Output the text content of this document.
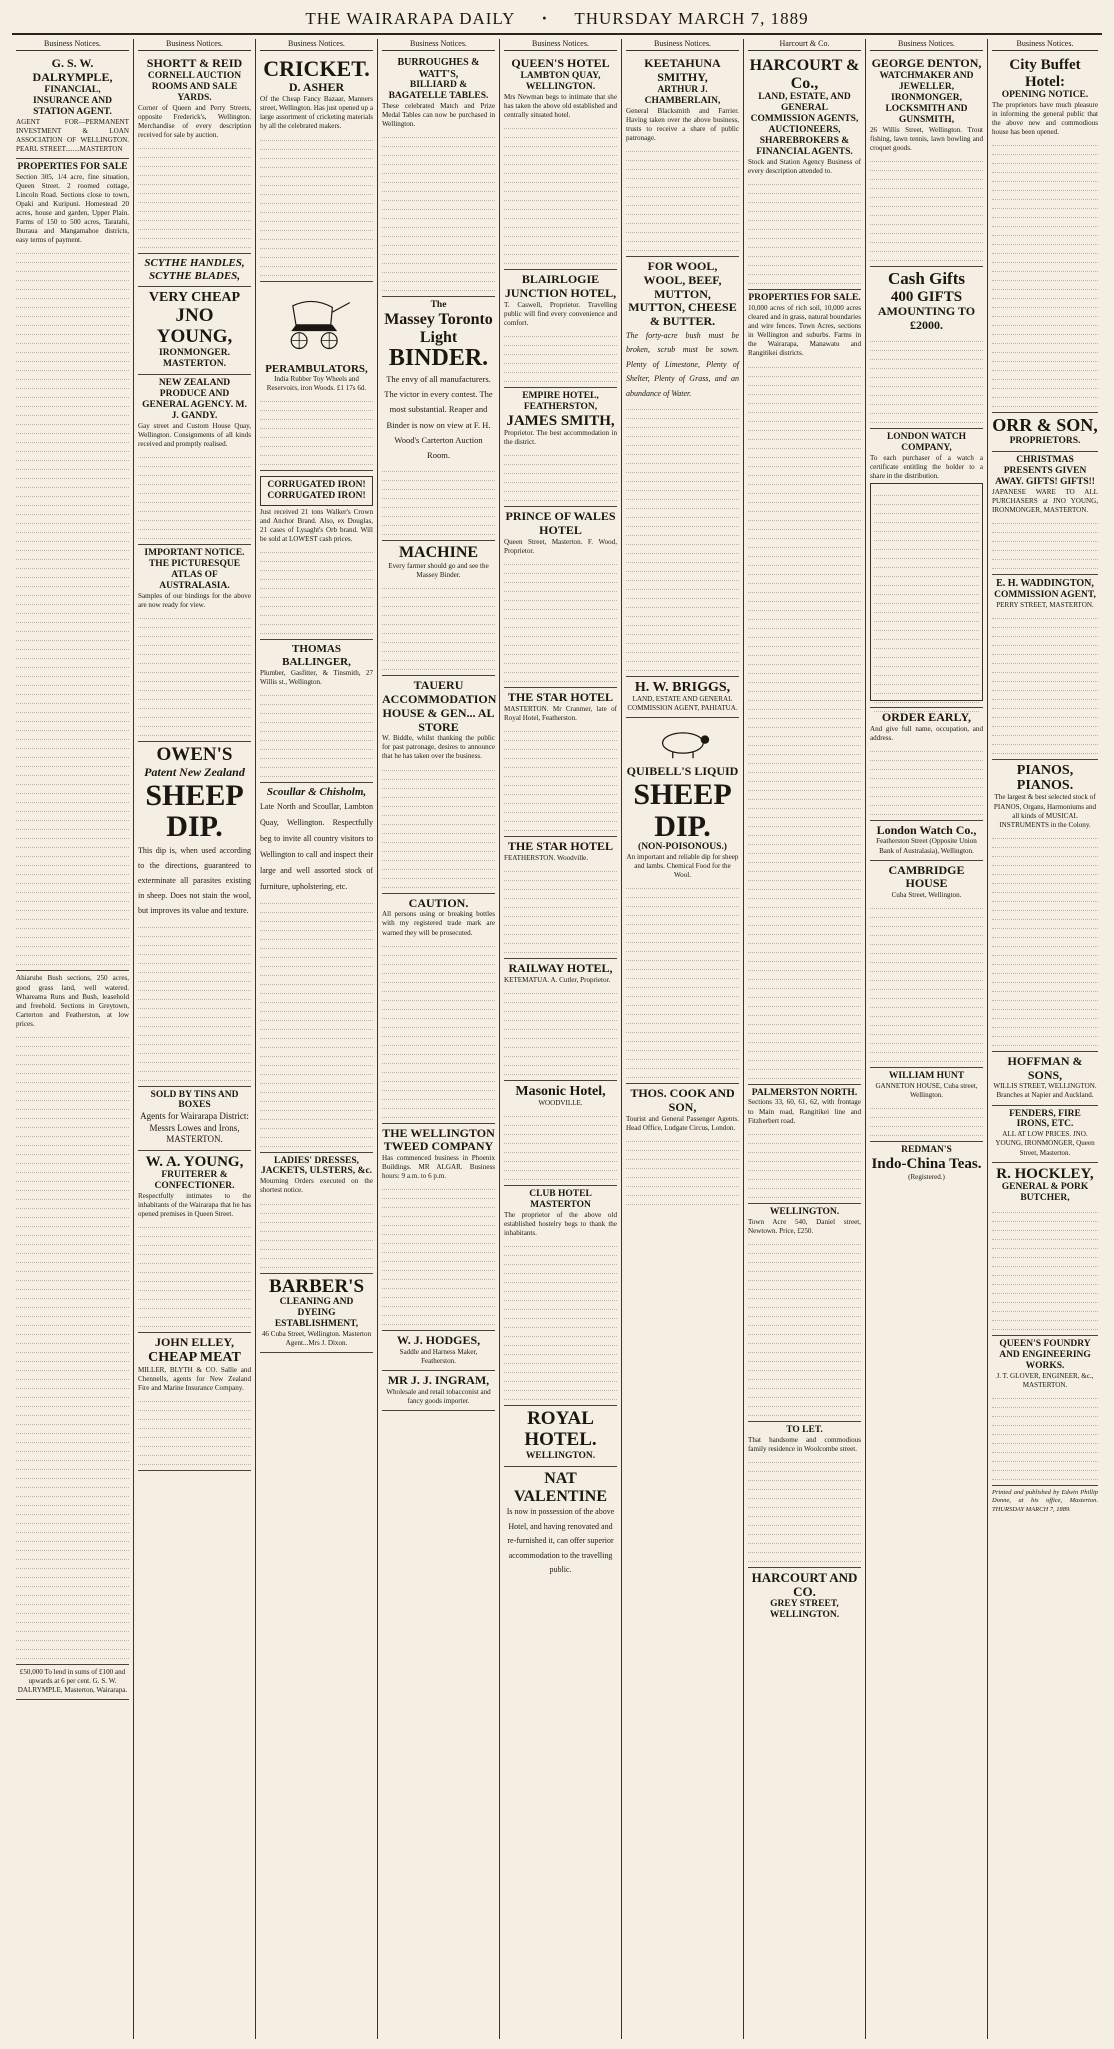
THE WAIRARAPA DAILY · THURSDAY MARCH 7, 1889
Business Notices.
G. S. W. DALRYMPLE,
FINANCIAL, INSURANCE AND STATION AGENT.
AGENT FOR—PERMANENT INVESTMENT & LOAN ASSOCIATION OF WELLINGTON. PEARL STREET........MASTERTON
PROPERTIES FOR SALE
Section 305, 1/4 acre, fine situation, Queen Street. 2 roomed cottage, Lincoln Road. Sections close to town, Opaki and Kuripuni. Homestead 20 acres, house and garden, Upper Plain. Farms of 150 to 500 acres, Taratahi, Ihuraua and Mangamahoe districts, easy terms of payment.
Ahiaruhe Bush sections, 250 acres, good grass land, well watered. Whareama Runs and Bush, leasehold and freehold. Sections in Greytown, Carterton and Featherston, at low prices.
£50,000 To lend in sums of £100 and upwards at 6 per cent. G. S. W. DALRYMPLE, Masterton, Wairarapa.
Business Notices.
SHORTT & REID
CORNELL AUCTION ROOMS AND SALE YARDS.
Corner of Queen and Perry Streets, opposite Frederick's, Wellington. Merchandise of every description received for sale by auction.
SCYTHE HANDLES, SCYTHE BLADES,
VERY CHEAP
JNO YOUNG,
IRONMONGER. MASTERTON.
NEW ZEALAND PRODUCE AND GENERAL AGENCY. M. J. GANDY.
Gay street and Custom House Quay, Wellington. Consignments of all kinds received and promptly realised.
IMPORTANT NOTICE. THE PICTURESQUE ATLAS OF AUSTRALASIA.
Samples of our bindings for the above are now ready for view.
OWEN'S
Patent New Zealand
SHEEP DIP.
This dip is, when used according to the directions, guaranteed to exterminate all parasites existing in sheep. Does not stain the wool, but improves its value and texture.
SOLD BY TINS AND BOXES
Agents for Wairarapa District: Messrs Lowes and Irons, MASTERTON.
W. A. YOUNG,
FRUITERER & CONFECTIONER.
Respectfully intimates to the inhabitants of the Wairarapa that he has opened premises in Queen Street.
JOHN ELLEY,
CHEAP MEAT
MILLER, BLYTH & CO. Sallie and Chennells, agents for New Zealand Fire and Marine Insurance Company.
Business Notices.
CRICKET.
D. ASHER
Of the Cheap Fancy Bazaar, Manners street, Wellington. Has just opened up a large assortment of cricketing materials by all the celebrated makers.
PERAMBULATORS,
India Rubber Toy Wheels and Reservoirs, iron Woods. £1 17s 6d.
CORRUGATED IRON! CORRUGATED IRON!
Just received 21 tons Walker's Crown and Anchor Brand. Also, ex Douglas, 21 cases of Lysaght's Orb brand. Will be sold at LOWEST cash prices.
THOMAS BALLINGER,
Plumber, Gasfitter, & Tinsmith, 27 Willis st., Wellington.
Scoullar & Chisholm,
Late North and Scoullar, Lambton Quay, Wellington. Respectfully beg to invite all country visitors to Wellington to call and inspect their large and well assorted stock of furniture, upholstering, etc.
LADIES' DRESSES, JACKETS, ULSTERS, &c.
Mourning Orders executed on the shortest notice.
BARBER'S
CLEANING AND DYEING ESTABLISHMENT,
46 Cuba Street, Wellington. Masterton Agent...Mrs J. Dixon.
Business Notices.
BURROUGHES & WATT'S,
BILLIARD & BAGATELLE TABLES.
These celebrated Match and Prize Medal Tables can now be purchased in Wellington.
The
Massey Toronto Light
BINDER.
The envy of all manufacturers. The victor in every contest. The most substantial. Reaper and Binder is now on view at F. H. Wood's Carterton Auction Room.
MACHINE
Every farmer should go and see the Massey Binder.
TAUERU ACCOMMODATION HOUSE & GEN... AL STORE
W. Biddle, whilst thanking the public for past patronage, desires to announce that he has taken over the business.
CAUTION.
All persons using or breaking bottles with my registered trade mark are warned they will be prosecuted.
THE WELLINGTON TWEED COMPANY
Has commenced business in Phoenix Buildings. MR ALGAR. Business hours: 9 a.m. to 6 p.m.
W. J. HODGES,
Saddle and Harness Maker, Featherston.
MR J. J. INGRAM,
Wholesale and retail tobacconist and fancy goods importer.
Business Notices.
QUEEN'S HOTEL
LAMBTON QUAY, WELLINGTON.
Mrs Newman begs to intimate that she has taken the above old established and centrally situated hotel.
BLAIRLOGIE JUNCTION HOTEL,
T. Caswell, Proprietor. Travelling public will find every convenience and comfort.
EMPIRE HOTEL, FEATHERSTON,
JAMES SMITH,
Proprietor. The best accommodation in the district.
PRINCE OF WALES HOTEL
Queen Street, Masterton. F. Wood, Proprietor.
THE STAR HOTEL
MASTERTON. Mr Cranmer, late of Royal Hotel, Featherston.
THE STAR HOTEL
FEATHERSTON. Woodville.
RAILWAY HOTEL,
KETEMATUA. A. Cutler, Proprietor.
Masonic Hotel,
WOODVILLE.
CLUB HOTEL MASTERTON
The proprietor of the above old established hostelry begs to thank the inhabitants.
ROYAL HOTEL.
WELLINGTON.
NAT VALENTINE
Is now in possession of the above Hotel, and having renovated and re-furnished it, can offer superior accommodation to the travelling public.
Business Notices.
KEETAHUNA SMITHY,
ARTHUR J. CHAMBERLAIN,
General Blacksmith and Farrier. Having taken over the above business, trusts to receive a share of public patronage.
FOR WOOL, WOOL, BEEF, MUTTON, MUTTON, CHEESE & BUTTER.
The forty-acre bush must be broken, scrub must be sown. Plenty of Limestone, Plenty of Shelter, Plenty of Grass, and an abundance of Water.
H. W. BRIGGS,
LAND, ESTATE AND GENERAL COMMISSION AGENT, PAHIATUA.
QUIBELL'S LIQUID
SHEEP DIP.
(NON-POISONOUS.)
An important and reliable dip for sheep and lambs. Chemical Food for the Wool.
THOS. COOK AND SON,
Tourist and General Passenger Agents. Head Office, Ludgate Circus, London.
Harcourt & Co.
HARCOURT & Co.,
LAND, ESTATE, AND GENERAL COMMISSION AGENTS, AUCTIONEERS, SHAREBROKERS & FINANCIAL AGENTS.
Stock and Station Agency Business of every description attended to.
PROPERTIES FOR SALE.
10,000 acres of rich soil, 10,000 acres cleared and in grass, natural boundaries and wire fences. Town Acres, sections in Wellington and suburbs. Farms in the Wairarapa, Manawatu and Rangitikei districts.
PALMERSTON NORTH.
Sections 33, 60, 61, 62, with frontage to Main road, Rangitikei line and Fitzherbert road.
WELLINGTON.
Town Acre 540, Daniel street, Newtown. Price, £250.
TO LET.
That handsome and commodious family residence in Woolcombe street.
HARCOURT AND CO.
GREY STREET, WELLINGTON.
Business Notices.
GEORGE DENTON,
WATCHMAKER AND JEWELLER, IRONMONGER, LOCKSMITH AND GUNSMITH,
26 Willis Street, Wellington. Trout fishing, lawn tennis, lawn bowling and croquet goods.
Cash Gifts
400 GIFTS
AMOUNTING TO £2000.
LONDON WATCH COMPANY,
To each purchaser of a watch a certificate entitling the holder to a share in the distribution.
ORDER EARLY,
And give full name, occupation, and address.
London Watch Co.,
Featherston Street (Opposite Union Bank of Australasia), Wellington.
CAMBRIDGE HOUSE
Cuba Street, Wellington.
WILLIAM HUNT
GANNETON HOUSE, Cuba street, Wellington.
REDMAN'S
Indo-China Teas.
(Registered.)
Business Notices.
City Buffet Hotel:
OPENING NOTICE.
The proprietors have much pleasure in informing the general public that the above new and commodious house has been opened.
ORR & SON,
PROPRIETORS.
CHRISTMAS PRESENTS GIVEN AWAY. GIFTS! GIFTS!!
JAPANESE WARE TO ALL PURCHASERS at JNO YOUNG, IRONMONGER, MASTERTON.
E. H. WADDINGTON,
COMMISSION AGENT,
PERRY STREET, MASTERTON.
PIANOS, PIANOS.
The largest & best selected stock of PIANOS, Organs, Harmoniums and all kinds of MUSICAL INSTRUMENTS in the Colony.
HOFFMAN & SONS,
WILLIS STREET, WELLINGTON. Branches at Napier and Auckland.
FENDERS, FIRE IRONS, ETC.
ALL AT LOW PRICES. JNO. YOUNG, IRONMONGER, Queen Street, Masterton.
R. HOCKLEY,
GENERAL & PORK BUTCHER,
QUEEN'S FOUNDRY AND ENGINEERING WORKS.
J. T. GLOVER, ENGINEER, &c., MASTERTON.
Printed and published by Edwin Phillip Donne, at his office, Masterton. THURSDAY MARCH 7, 1889.
